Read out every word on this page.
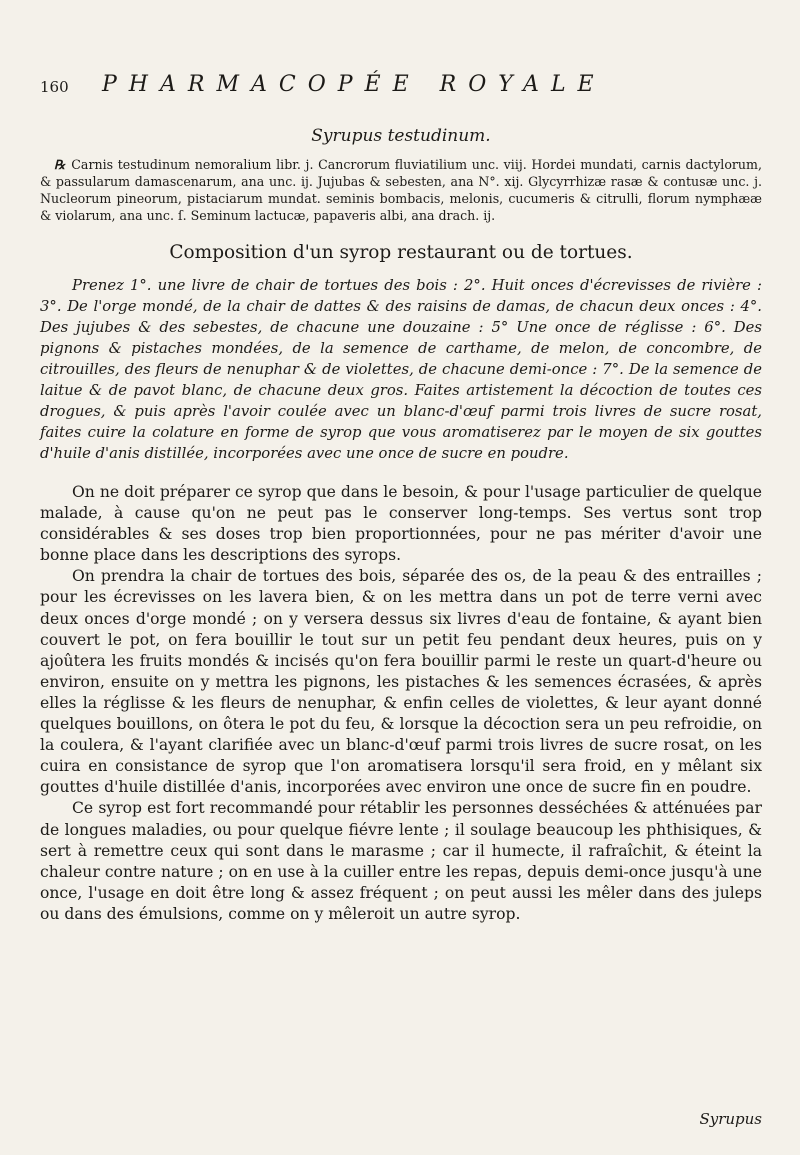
160	PHARMACOPÉE ROYALE

Syrupus testudinum.

℞ Carnis testudinum nemoralium libr. j. Cancrorum fluviatilium unc. viij. Hordei mundati, carnis dactylorum, & passularum damascenarum, ana unc. ij. Jujubas & sebesten, ana N°. xij. Glycyrrhizæ rasæ & contusæ unc. j. Nucleorum pineorum, pistaciarum mundat. seminis bombacis, melonis, cucumeris & citrulli, florum nymphææ & violarum, ana unc. ſ. Seminum lactucæ, papaveris albi, ana drach. ij.

Composition d'un syrop restaurant ou de tortues.

Prenez 1°. une livre de chair de tortues des bois : 2°. Huit onces d'écrevisses de rivière : 3°. De l'orge mondé, de la chair de dattes & des raisins de damas, de chacun deux onces : 4°. Des jujubes & des sebestes, de chacune une douzaine : 5° Une once de réglisse : 6°. Des pignons & pistaches mondées, de la semence de carthame, de melon, de concombre, de citrouilles, des fleurs de nenuphar & de violettes, de chacune demi-once : 7°. De la semence de laitue & de pavot blanc, de chacune deux gros. Faites artistement la décoction de toutes ces drogues, & puis après l'avoir coulée avec un blanc-d'œuf parmi trois livres de sucre rosat, faites cuire la colature en forme de syrop que vous aromatiserez par le moyen de six gouttes d'huile d'anis distillée, incorporées avec une once de sucre en poudre.

On ne doit préparer ce syrop que dans le besoin, & pour l'usage particulier de quelque malade, à cause qu'on ne peut pas le conserver long-temps. Ses vertus sont trop considérables & ses doses trop bien proportionnées, pour ne pas mériter d'avoir une bonne place dans les descriptions des syrops.

On prendra la chair de tortues des bois, séparée des os, de la peau & des entrailles ; pour les écrevisses on les lavera bien, & on les mettra dans un pot de terre verni avec deux onces d'orge mondé ; on y versera dessus six livres d'eau de fontaine, & ayant bien couvert le pot, on fera bouillir le tout sur un petit feu pendant deux heures, puis on y ajoûtera les fruits mondés & incisés qu'on fera bouillir parmi le reste un quart-d'heure ou environ, ensuite on y mettra les pignons, les pistaches & les semences écrasées, & après elles la réglisse & les fleurs de nenuphar, & enfin celles de violettes, & leur ayant donné quelques bouillons, on ôtera le pot du feu, & lorsque la décoction sera un peu refroidie, on la coulera, & l'ayant clarifiée avec un blanc-d'œuf parmi trois livres de sucre rosat, on les cuira en consistance de syrop que l'on aromatisera lorsqu'il sera froid, en y mêlant six gouttes d'huile distillée d'anis, incorporées avec environ une once de sucre fin en poudre.

Ce syrop est fort recommandé pour rétablir les personnes desséchées & atténuées par de longues maladies, ou pour quelque fiévre lente ; il soulage beaucoup les phthisiques, & sert à remettre ceux qui sont dans le marasme ; car il humecte, il rafraîchit, & éteint la chaleur contre nature ; on en use à la cuiller entre les repas, depuis demi-once jusqu'à une once, l'usage en doit être long & assez fréquent ; on peut aussi les mêler dans des juleps ou dans des émulsions, comme on y mêleroit un autre syrop.

Syrupus
